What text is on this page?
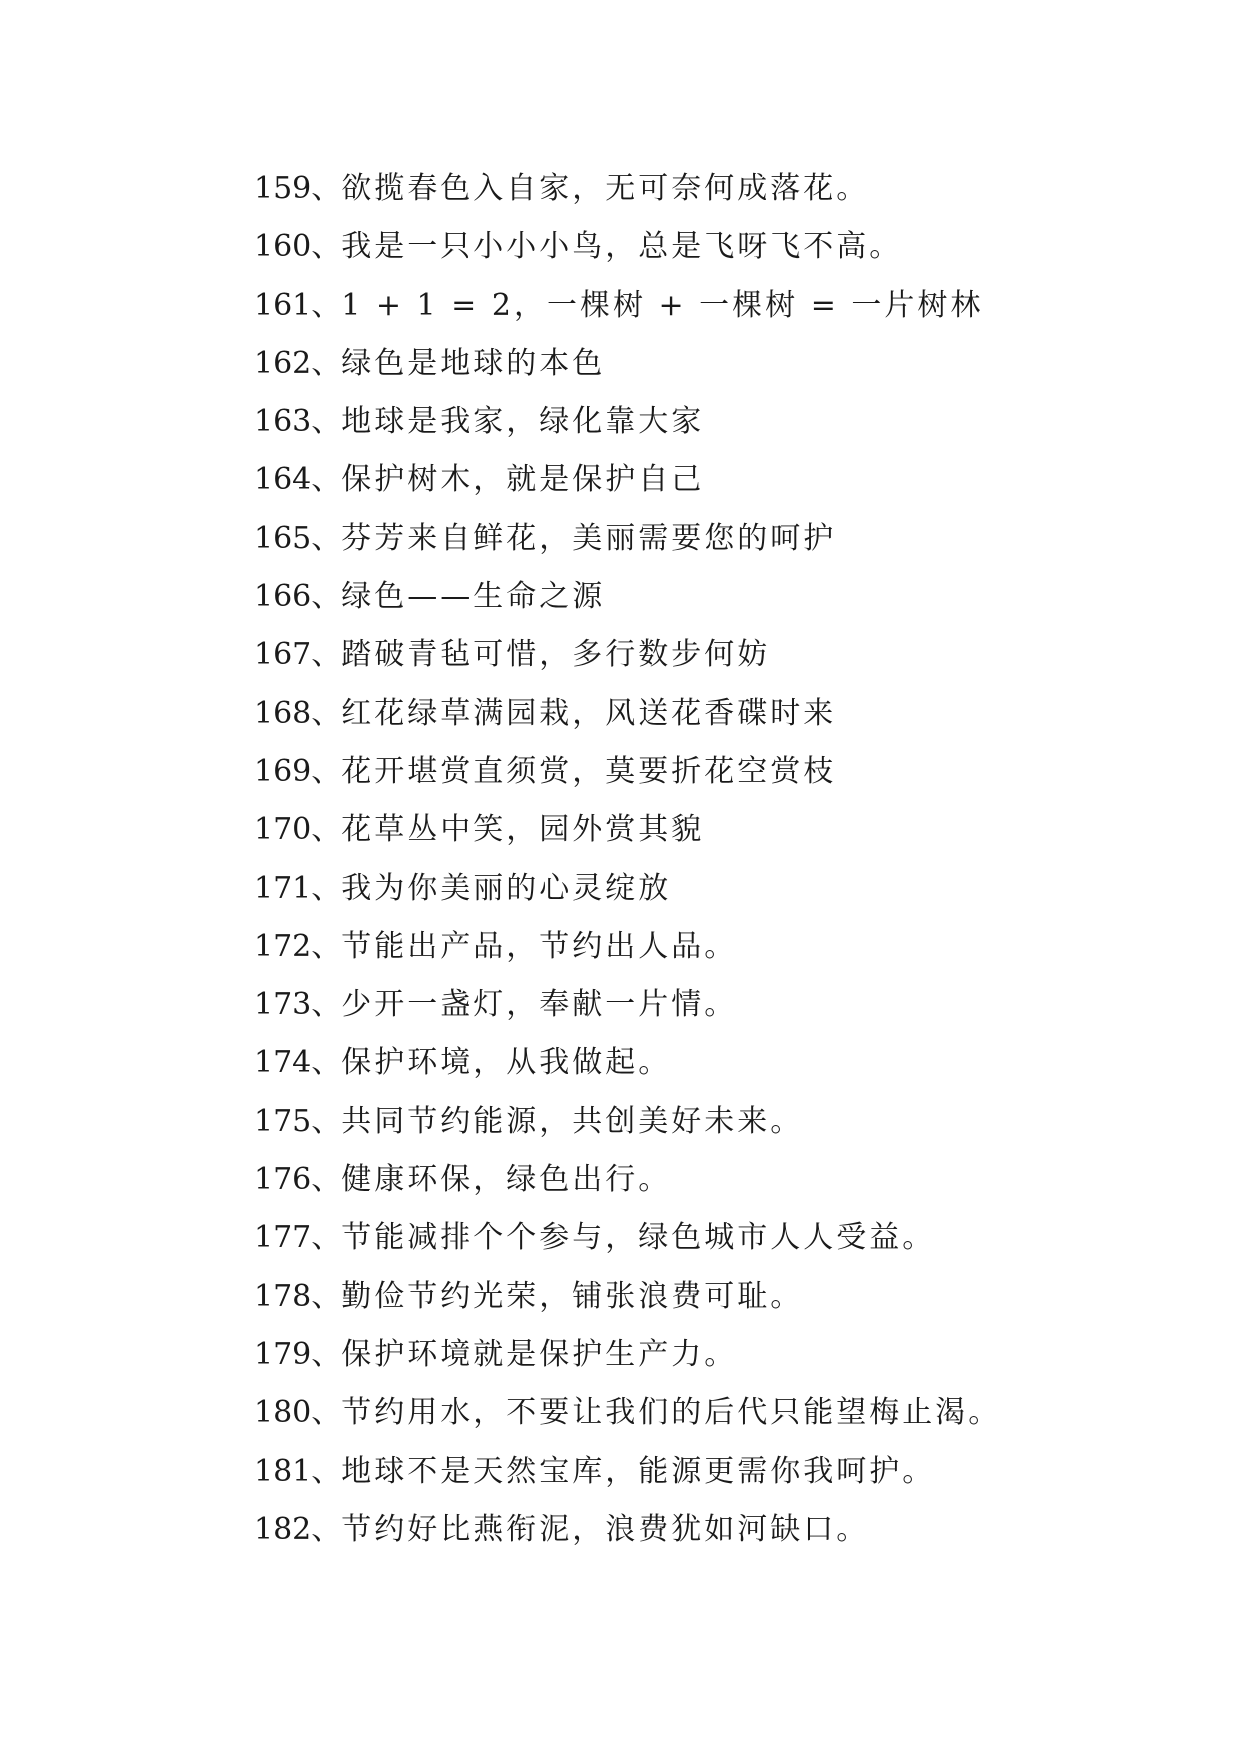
159、欲揽春色入自家，无可奈何成落花。
160、我是一只小小小鸟，总是飞呀飞不高。
161、1 + 1 = 2，一棵树 + 一棵树 = 一片树林
162、绿色是地球的本色
163、地球是我家，绿化靠大家
164、保护树木，就是保护自己
165、芬芳来自鲜花，美丽需要您的呵护
166、绿色——生命之源
167、踏破青毡可惜，多行数步何妨
168、红花绿草满园栽，风送花香碟时来
169、花开堪赏直须赏，莫要折花空赏枝
170、花草丛中笑，园外赏其貌
171、我为你美丽的心灵绽放
172、节能出产品，节约出人品。
173、少开一盏灯，奉献一片情。
174、保护环境，从我做起。
175、共同节约能源，共创美好未来。
176、健康环保，绿色出行。
177、节能减排个个参与，绿色城市人人受益。
178、勤俭节约光荣，铺张浪费可耻。
179、保护环境就是保护生产力。
180、节约用水，不要让我们的后代只能望梅止渴。
181、地球不是天然宝库，能源更需你我呵护。
182、节约好比燕衔泥，浪费犹如河缺口。
